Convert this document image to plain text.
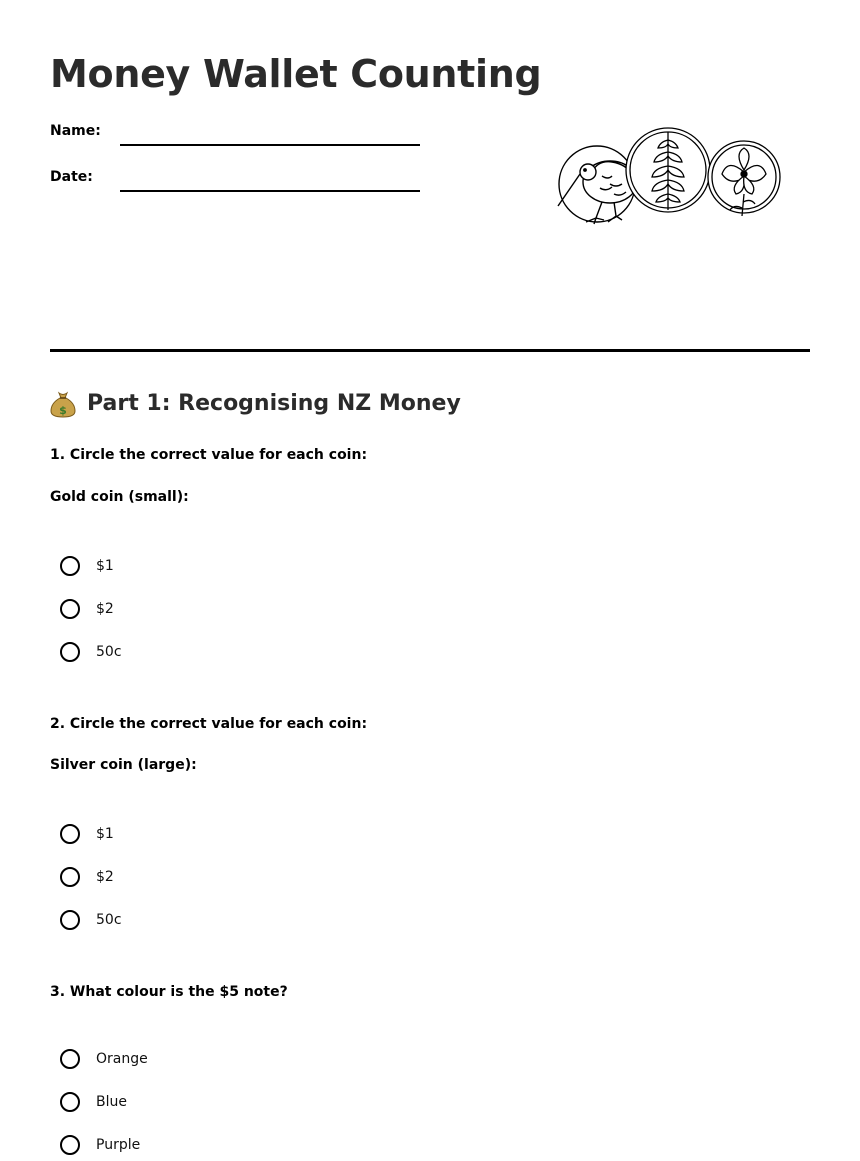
Money Wallet Counting
Name:
Date:
$ Part 1: Recognising NZ Money

1. Circle the correct value for each coin:

Gold coin (small):

$1
$2
50c

2. Circle the correct value for each coin:

Silver coin (large):

$1
$2
50c

3. What colour is the $5 note?

Orange
Blue
Purple
